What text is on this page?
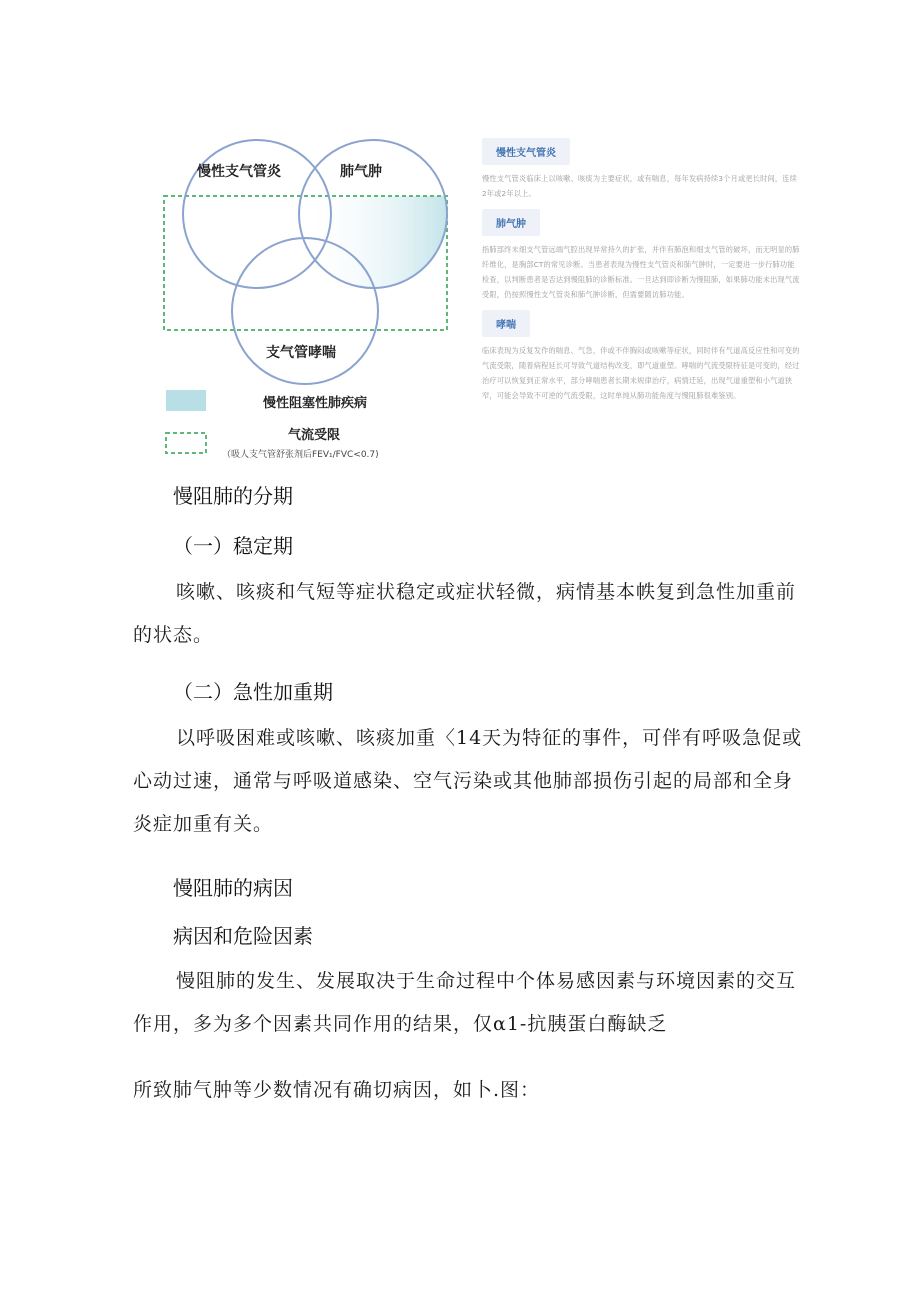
慢性支气管炎	肺气肿
支气管哮喘
慢性阻塞性肺疾病
气流受限
（吸人支气管舒张剂后FEV₁/FVC<0.7)
慢性支气管炎
慢性支气管炎临床上以咳嗽、咳痰为主要症状，或有喘息，每年发病持续3个月或更长时间，连续2年或2年以上。
肺气肿
指肺部终末细支气管远端气腔出现异常持久的扩张，并伴有肺泡和细支气管的破坏，而无明显的肺纤维化，是胸部CT的常见诊断。当患者表现为慢性支气管炎和肺气肿时，一定要进一步行肺功能检查，以判断患者是否达到慢阻肺的诊断标准。一旦达到即诊断为慢阻肺，如果肺功能未出现气流受限，仍按照慢性支气管炎和肺气肿诊断，但需要随访肺功能。
哮喘
临床表现为反复发作的喘息、气急，伴或不伴胸闷或咳嗽等症状，同时伴有气道高反应性和可变的气流受限，随着病程延长可导致气道结构改变，即气道重塑。哮喘的气流受限特征是可变的，经过治疗可以恢复到正常水平，部分哮喘患者长期未规律治疗，病情迁延，出现气道重塑和小气道狭窄，可能会导致不可逆的气流受限，这时单纯从肺功能角度与慢阻肺很难鉴别。
慢阻肺的分期
（一）稳定期
咳嗽、咳痰和气短等症状稳定或症状轻微，病情基本帙复到急性加重前
的状态。
（二）急性加重期
以呼吸困难或咳嗽、咳痰加重〈14天为特征的事件，可伴有呼吸急促或
心动过速，通常与呼吸道感染、空气污染或其他肺部损伤引起的局部和全身
炎症加重有关。
慢阻肺的病因
病因和危险因素
慢阻肺的发生、发展取决于生命过程中个体易感因素与环境因素的交互
作用，多为多个因素共同作用的结果，仅α1-抗胰蛋白酶缺乏
所致肺气肿等少数情况有确切病因，如卜.图：
